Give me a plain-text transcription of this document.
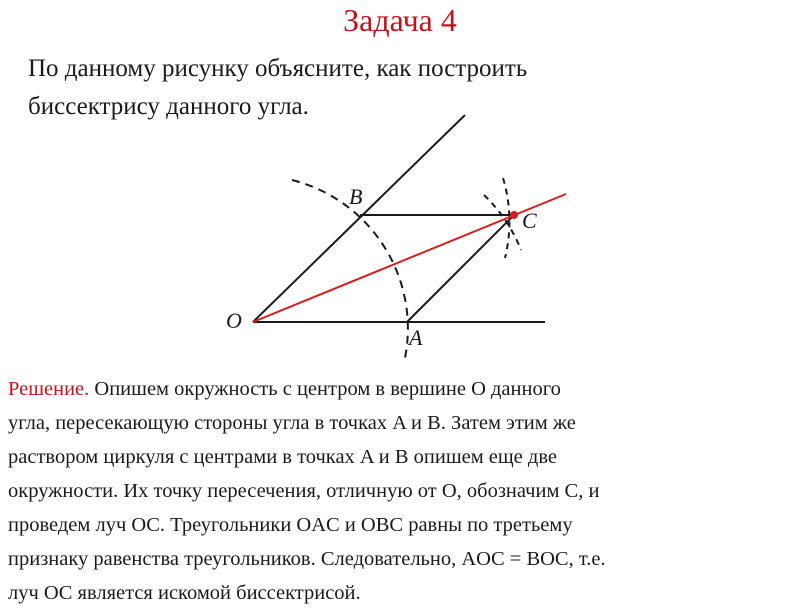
Задача 4
По данному рисунку объясните, как построить
биссектрису данного угла.
O
A
B
C
Решение. Опишем окружность с центром в вершине O данного
угла, пересекающую стороны угла в точках A и B. Затем этим же
раствором циркуля с центрами в точках A и B опишем еще две
окружности. Их точку пересечения, отличную от O, обозначим C, и
проведем луч OC. Треугольники OAC и OBC равны по третьему
признаку равенства треугольников. Следовательно, AOC = BOC, т.е.
луч OC является искомой биссектрисой.
